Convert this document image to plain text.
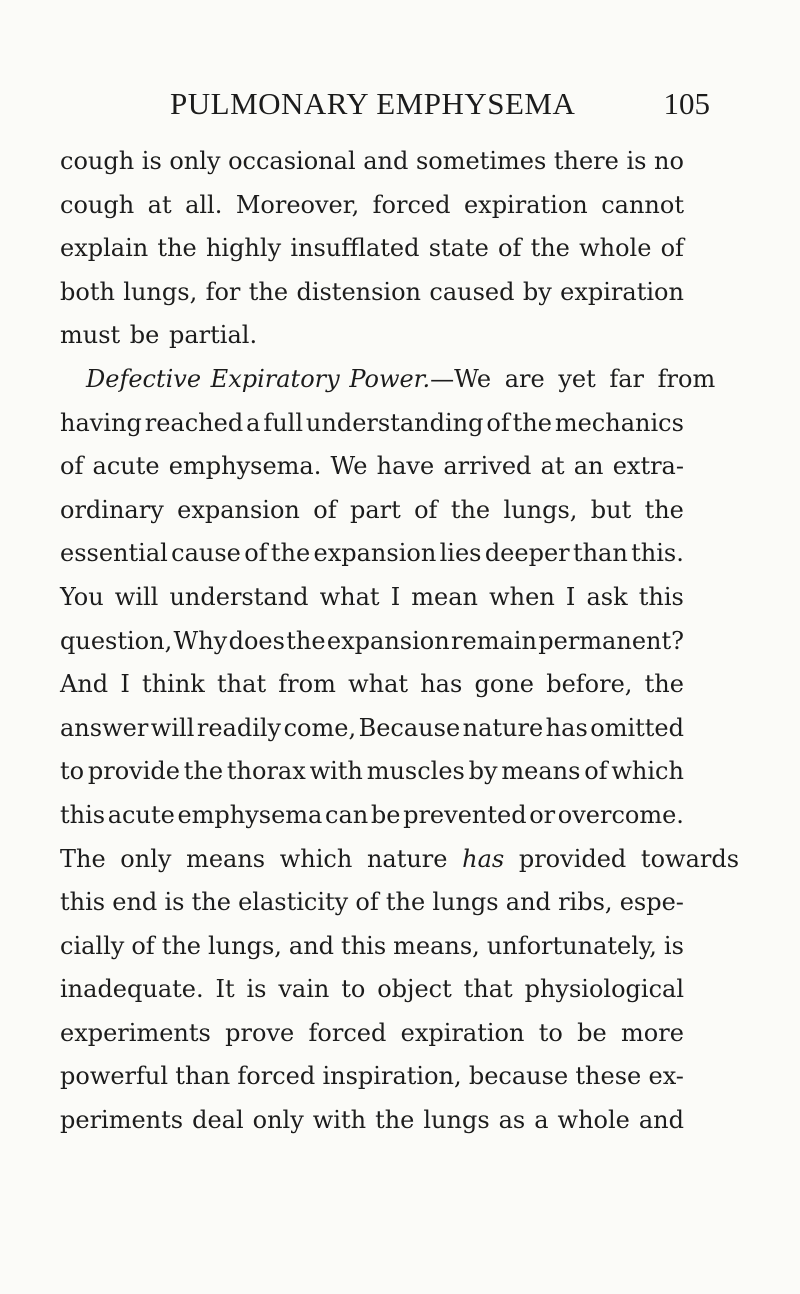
PULMONARY EMPHYSEMA	105
cough is only occasional and sometimes there is no
cough at all. Moreover, forced expiration cannot
explain the highly insufflated state of the whole of
both lungs, for the distension caused by expiration
must be partial.
Defective Expiratory Power. —We are yet far from
having reached a full understanding of the mechanics
of acute emphysema. We have arrived at an extra-
ordinary expansion of part of the lungs, but the
essential cause of the expansion lies deeper than this.
You will understand what I mean when I ask this
question, Why does the expansion remain permanent?
And I think that from what has gone before, the
answer will readily come, Because nature has omitted
to provide the thorax with muscles by means of which
this acute emphysema can be prevented or overcome.
The only means which nature has provided towards
this end is the elasticity of the lungs and ribs, espe-
cially of the lungs, and this means, unfortunately, is
inadequate. It is vain to object that physiological
experiments prove forced expiration to be more
powerful than forced inspiration, because these ex-
periments deal only with the lungs as a whole and
